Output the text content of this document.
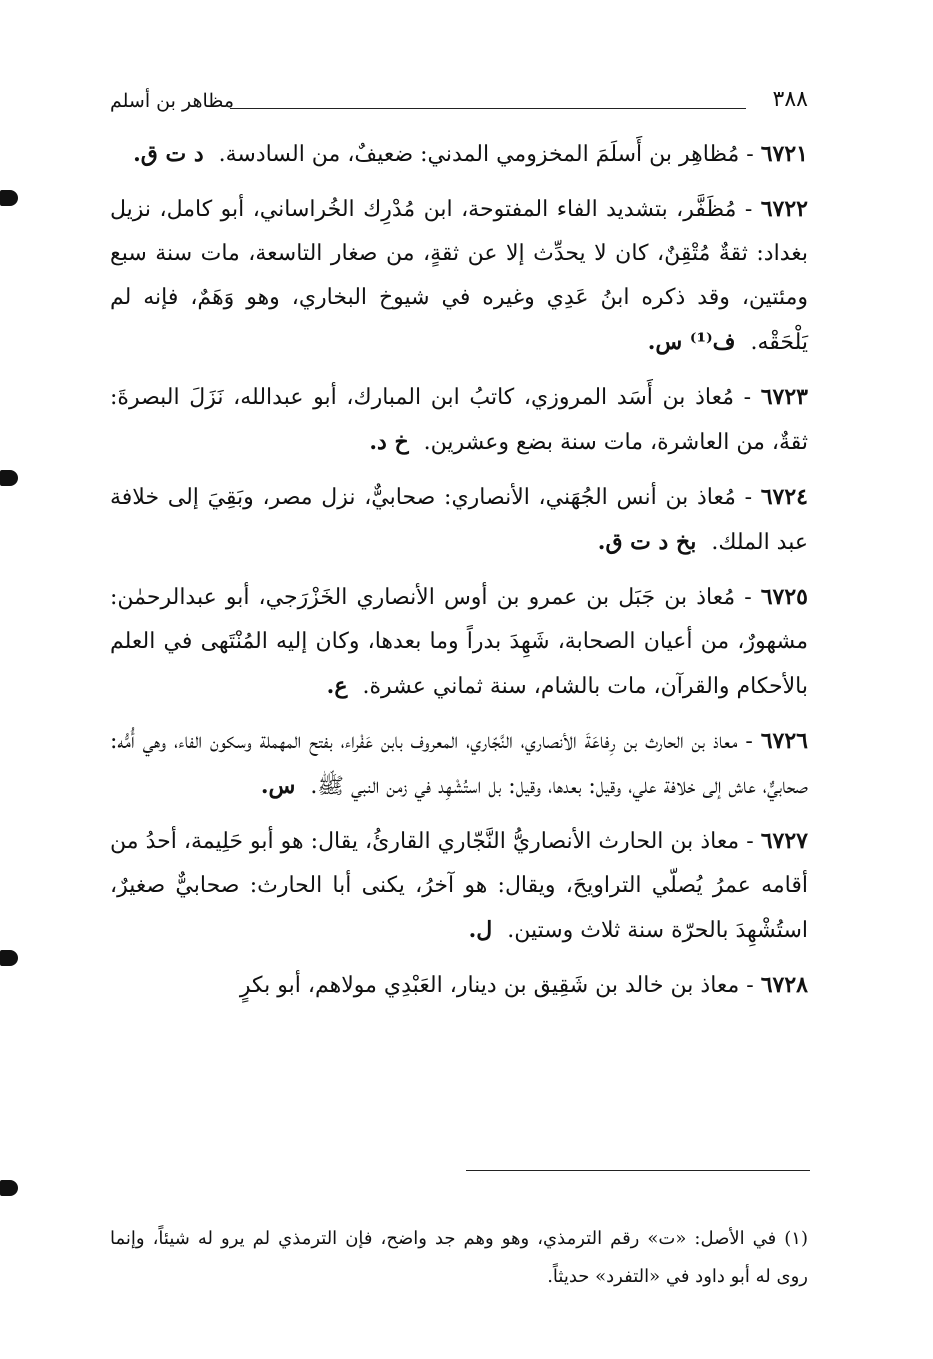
٣٨٨
مظاهر بن أسلم

٦٧٢١ - مُظاهِر بن أَسلَمَ المخزومي المدني: ضعيفٌ، من السادسة. د ت ق.

٦٧٢٢ - مُظَفَّر، بتشديد الفاء المفتوحة، ابن مُدْرِك الخُراساني، أبو كامل، نزيل بغداد: ثقةٌ مُتْقِنٌ، كان لا يحدِّث إلا عن ثقةٍ، من صغار التاسعة، مات سنة سبع ومئتين، وقد ذكره ابنُ عَدِي وغيره في شيوخ البخاري، وهو وَهَمٌ، فإنه لم يَلْحَقْه. ف⁽¹⁾ س.

٦٧٢٣ - مُعاذ بن أَسَد المروزي، كاتبُ ابن المبارك، أبو عبدالله، نَزَلَ البصرةَ: ثقةٌ، من العاشرة، مات سنة بضع وعشرين. خ د.

٦٧٢٤ - مُعاذ بن أنس الجُهَني، الأنصاري: صحابيٌّ، نزل مصر، وبَقِيَ إلى خلافة عبد الملك. بخ د ت ق.

٦٧٢٥ - مُعاذ بن جَبَل بن عمرو بن أوس الأنصاري الخَزْرَجي، أبو عبدالرحمٰن: مشهورٌ، من أعيان الصحابة، شَهِدَ بدراً وما بعدها، وكان إليه المُنْتَهى في العلم بالأحكام والقرآن، مات بالشام، سنة ثماني عشرة. ع.

٦٧٢٦ - معاذ بن الحارث بن رِفاعَةَ الأنصاري، النَّجّاري، المعروف بابن عَفْراء، بفتح المهملة وسكون الفاء، وهي أُمُّه: صحابيٌّ، عاش إلى خلافة علي، وقيل: بعدها، وقيل: بل استُشْهِد في زمن النبي ﷺ. س.

٦٧٢٧ - معاذ بن الحارث الأنصاريُّ النَّجّاري القارئُ، يقال: هو أبو حَلِيمة، أحدُ من أقامه عمرُ يُصلّي التراويحَ، ويقال: هو آخرُ، يكنى أبا الحارث: صحابيٌّ صغيرٌ، استُشْهِدَ بالحرّة سنة ثلاث وستين. ل.

٦٧٢٨ - معاذ بن خالد بن شَقِيق بن دينار، العَبْدِي مولاهم، أبو بكرٍ

(١) في الأصل: «ت» رقم الترمذي، وهو وهم جد واضح، فإن الترمذي لم يرو له شيئاً، وإنما روى له أبو داود في «التفرد» حديثاً.
